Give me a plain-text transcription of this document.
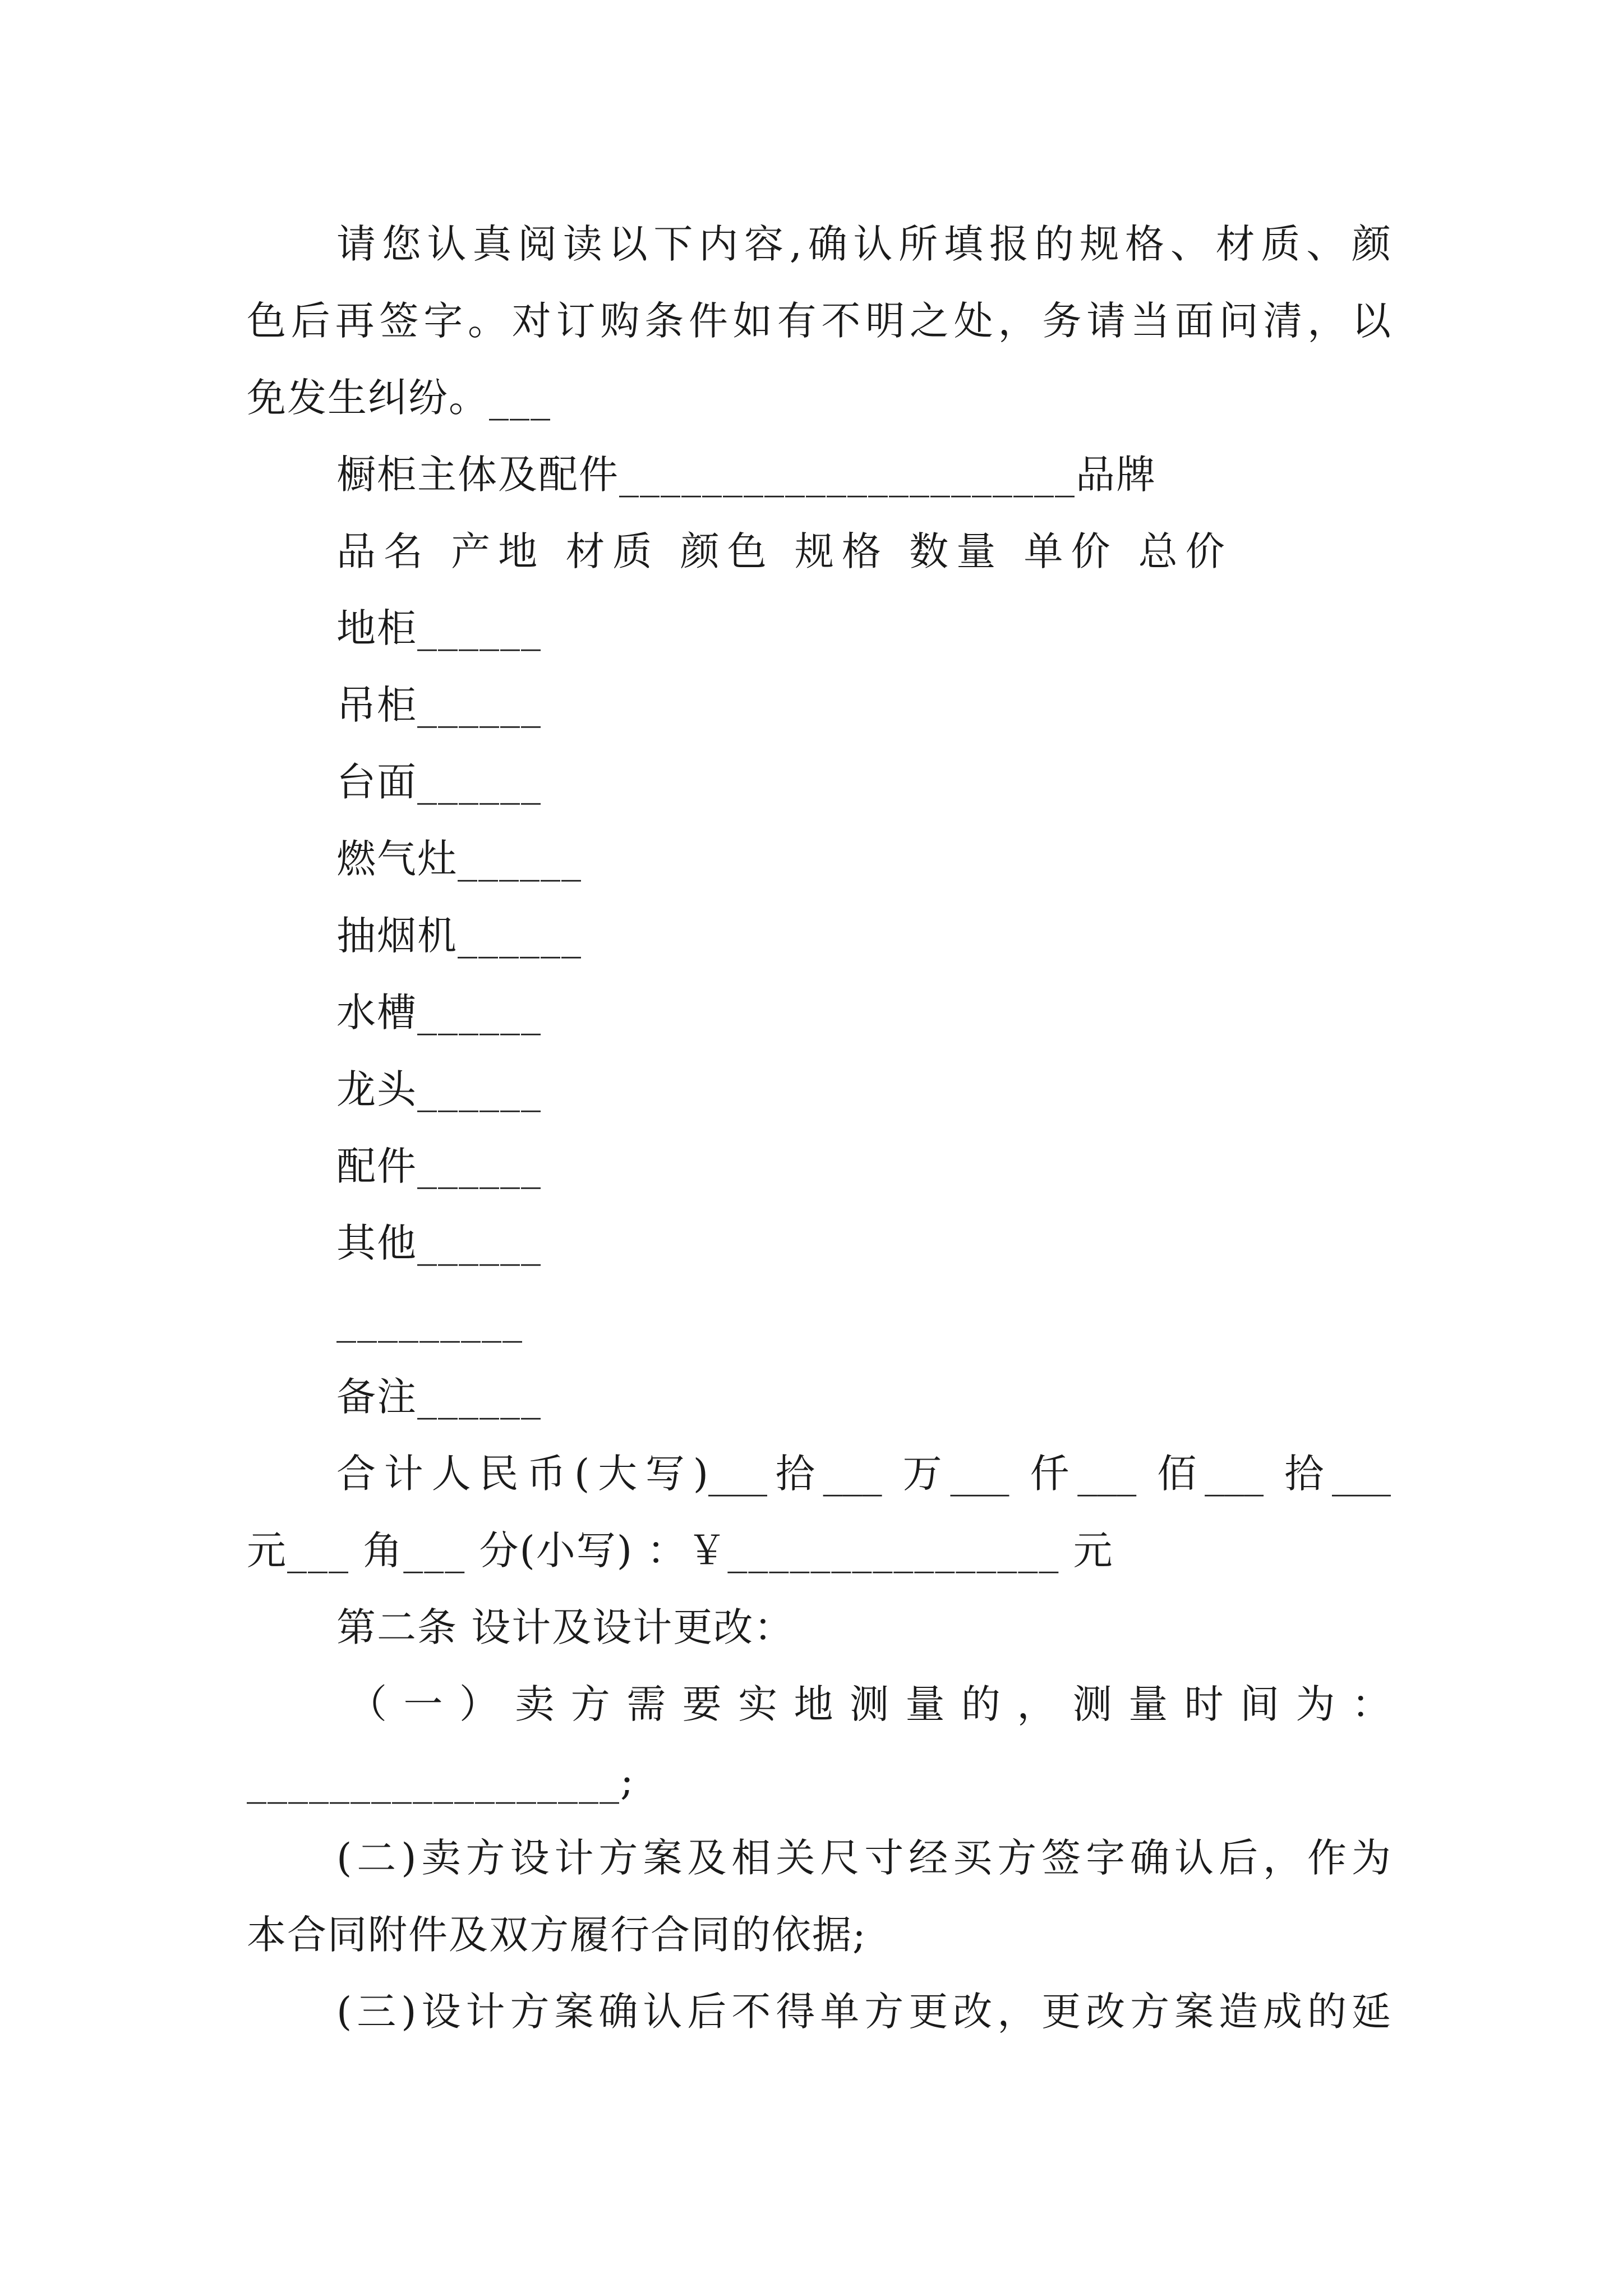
请您认真阅读以下内容,确认所填报的规格、材质、颜
色后再签字。对订购条件如有不明之处，务请当面问清，以
免发生纠纷。___
橱柜主体及配件______________________品牌
品名 产地 材质 颜色 规格 数量 单价 总价
地柜______
吊柜______
台面______
燃气灶______
抽烟机______
水槽______
龙头______
配件______
其他______
_________
备注______
合计人民币(大写)___拾___ 万___ 仟___ 佰___ 拾___
元___ 角___ 分(小写) ：￥________________ 元
第二条 设计及设计更改：
（一）卖方需要实地测量的，测量时间为：
__________________;
(二)卖方设计方案及相关尺寸经买方签字确认后，作为
本合同附件及双方履行合同的依据;
(三)设计方案确认后不得单方更改，更改方案造成的延
